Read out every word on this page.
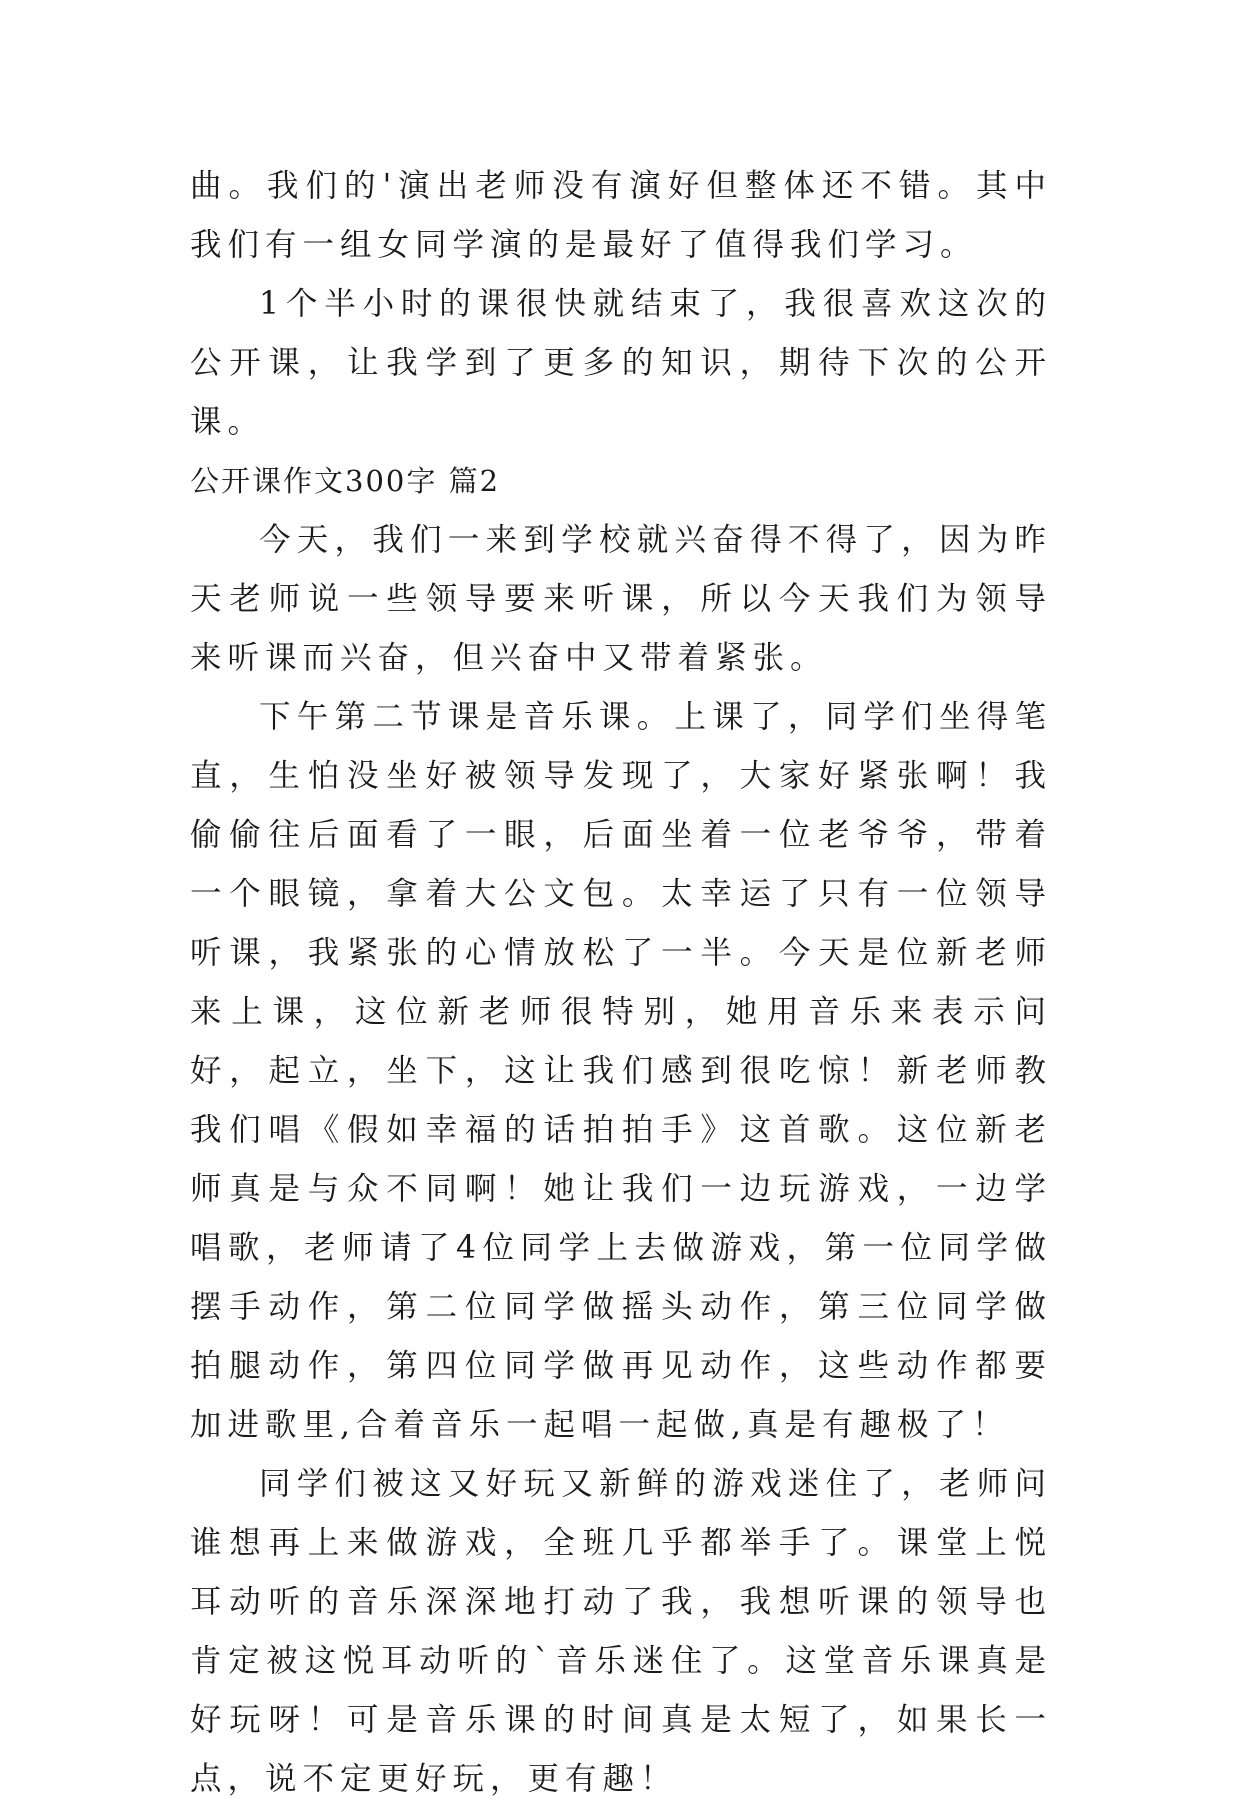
曲。我们的'演出老师没有演好但整体还不错。其中我们有一组女同学演的是最好了值得我们学习。

1个半小时的课很快就结束了，我很喜欢这次的公开课，让我学到了更多的知识，期待下次的公开课。

公开课作文300字 篇2

今天，我们一来到学校就兴奋得不得了，因为昨天老师说一些领导要来听课，所以今天我们为领导来听课而兴奋，但兴奋中又带着紧张。

下午第二节课是音乐课。上课了，同学们坐得笔直，生怕没坐好被领导发现了，大家好紧张啊！我偷偷往后面看了一眼，后面坐着一位老爷爷，带着一个眼镜，拿着大公文包。太幸运了只有一位领导听课，我紧张的心情放松了一半。今天是位新老师来上课，这位新老师很特别，她用音乐来表示问好，起立，坐下，这让我们感到很吃惊！新老师教我们唱《假如幸福的话拍拍手》这首歌。这位新老师真是与众不同啊！她让我们一边玩游戏，一边学唱歌，老师请了4位同学上去做游戏，第一位同学做摆手动作，第二位同学做摇头动作，第三位同学做拍腿动作，第四位同学做再见动作，这些动作都要加进歌里,合着音乐一起唱一起做,真是有趣极了！

同学们被这又好玩又新鲜的游戏迷住了，老师问谁想再上来做游戏，全班几乎都举手了。课堂上悦耳动听的音乐深深地打动了我，我想听课的领导也肯定被这悦耳动听的`音乐迷住了。这堂音乐课真是好玩呀！可是音乐课的时间真是太短了，如果长一点，说不定更好玩，更有趣！
